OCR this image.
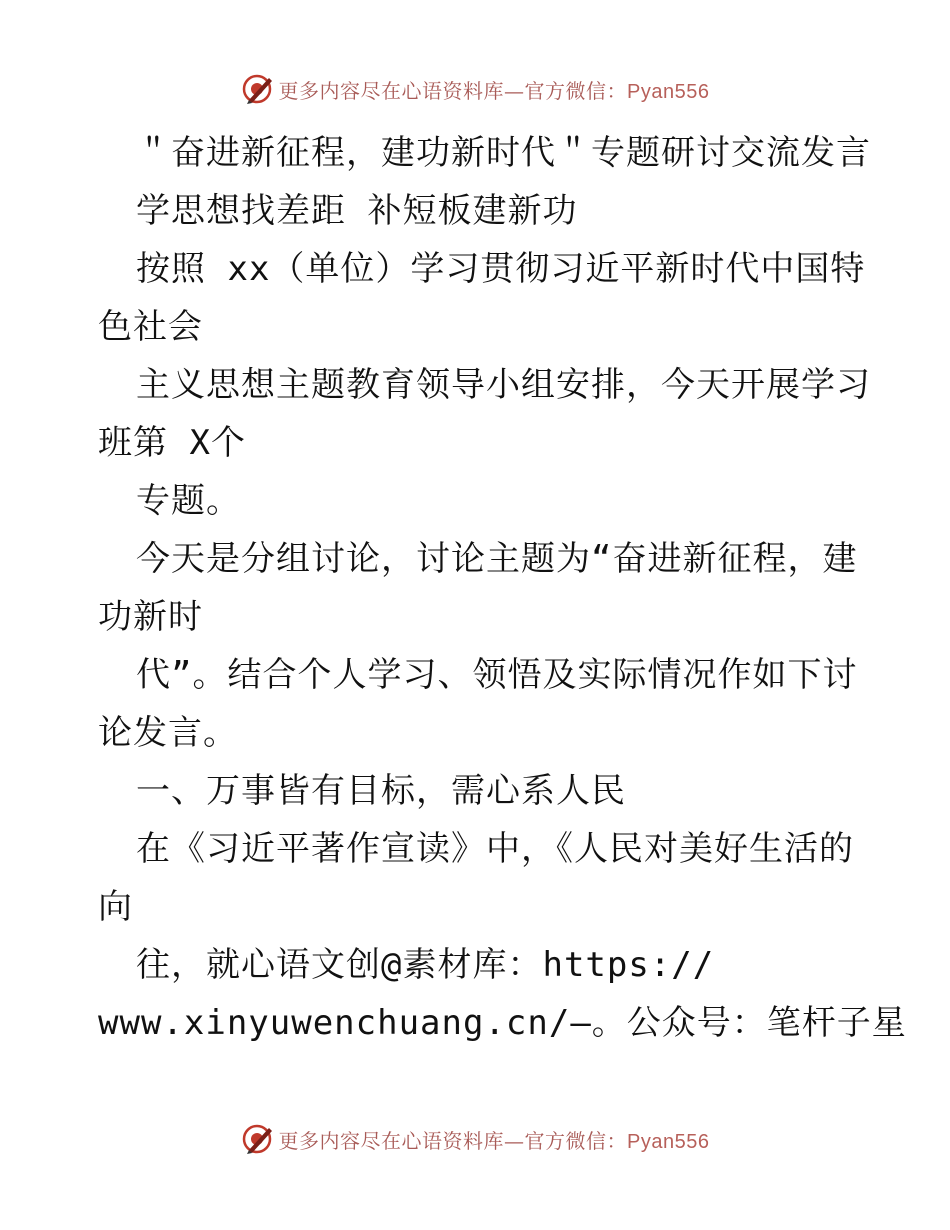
更多内容尽在心语资料库—官方微信：Pyan556
＂奋进新征程，建功新时代＂专题研讨交流发言
学思想找差距 补短板建新功
按照 xx（单位）学习贯彻习近平新时代中国特
色社会
主义思想主题教育领导小组安排，今天开展学习
班第 X个
专题。
今天是分组讨论，讨论主题为“奋进新征程，建
功新时
代”。结合个人学习、领悟及实际情况作如下讨
论发言。
一、万事皆有目标，需心系人民
在《习近平著作宣读》中，《人民对美好生活的
向
往，就心语文创@素材库：https://
www.xinyuwenchuang.cn/—。公众号：笔杆子星
更多内容尽在心语资料库—官方微信：Pyan556
